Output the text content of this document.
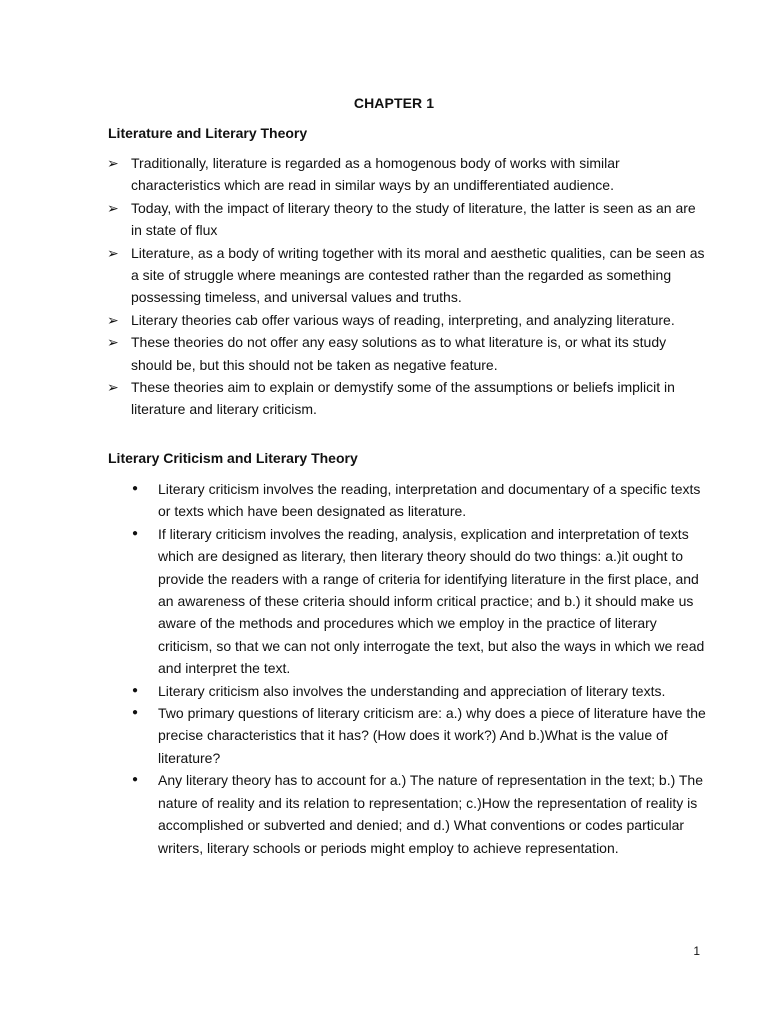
CHAPTER 1
Literature and Literary Theory
➢ Traditionally, literature is regarded as a homogenous body of works with similar characteristics which are read in similar ways by an undifferentiated audience.
➢ Today, with the impact of literary theory to the study of literature, the latter is seen as an are in state of flux
➢ Literature, as a body of writing together with its moral and aesthetic qualities, can be seen as a site of struggle where meanings are contested rather than the regarded as something possessing timeless, and universal values and truths.
➢ Literary theories cab offer various ways of reading, interpreting, and analyzing literature.
➢ These theories do not offer any easy solutions as to what literature is, or what its study should be, but this should not be taken as negative feature.
➢ These theories aim to explain or demystify some of the assumptions or beliefs implicit in literature and literary criticism.
Literary Criticism and Literary Theory
● Literary criticism involves the reading, interpretation and documentary of a specific texts or texts which have been designated as literature.
● If literary criticism involves the reading, analysis, explication and interpretation of texts which are designed as literary, then literary theory should do two things: a.)it ought to provide the readers with a range of criteria for identifying literature in the first place, and an awareness of these criteria should inform critical practice; and b.) it should make us aware of the methods and procedures which we employ in the practice of literary criticism, so that we can not only interrogate the text, but also the ways in which we read and interpret the text.
● Literary criticism also involves the understanding and appreciation of literary texts.
● Two primary questions of literary criticism are: a.) why does a piece of literature have the precise characteristics that it has? (How does it work?) And b.)What is the value of literature?
● Any literary theory has to account for a.) The nature of representation in the text; b.) The nature of reality and its relation to representation; c.)How the representation of reality is accomplished or subverted and denied; and d.) What conventions or codes particular writers, literary schools or periods might employ to achieve representation.
1
